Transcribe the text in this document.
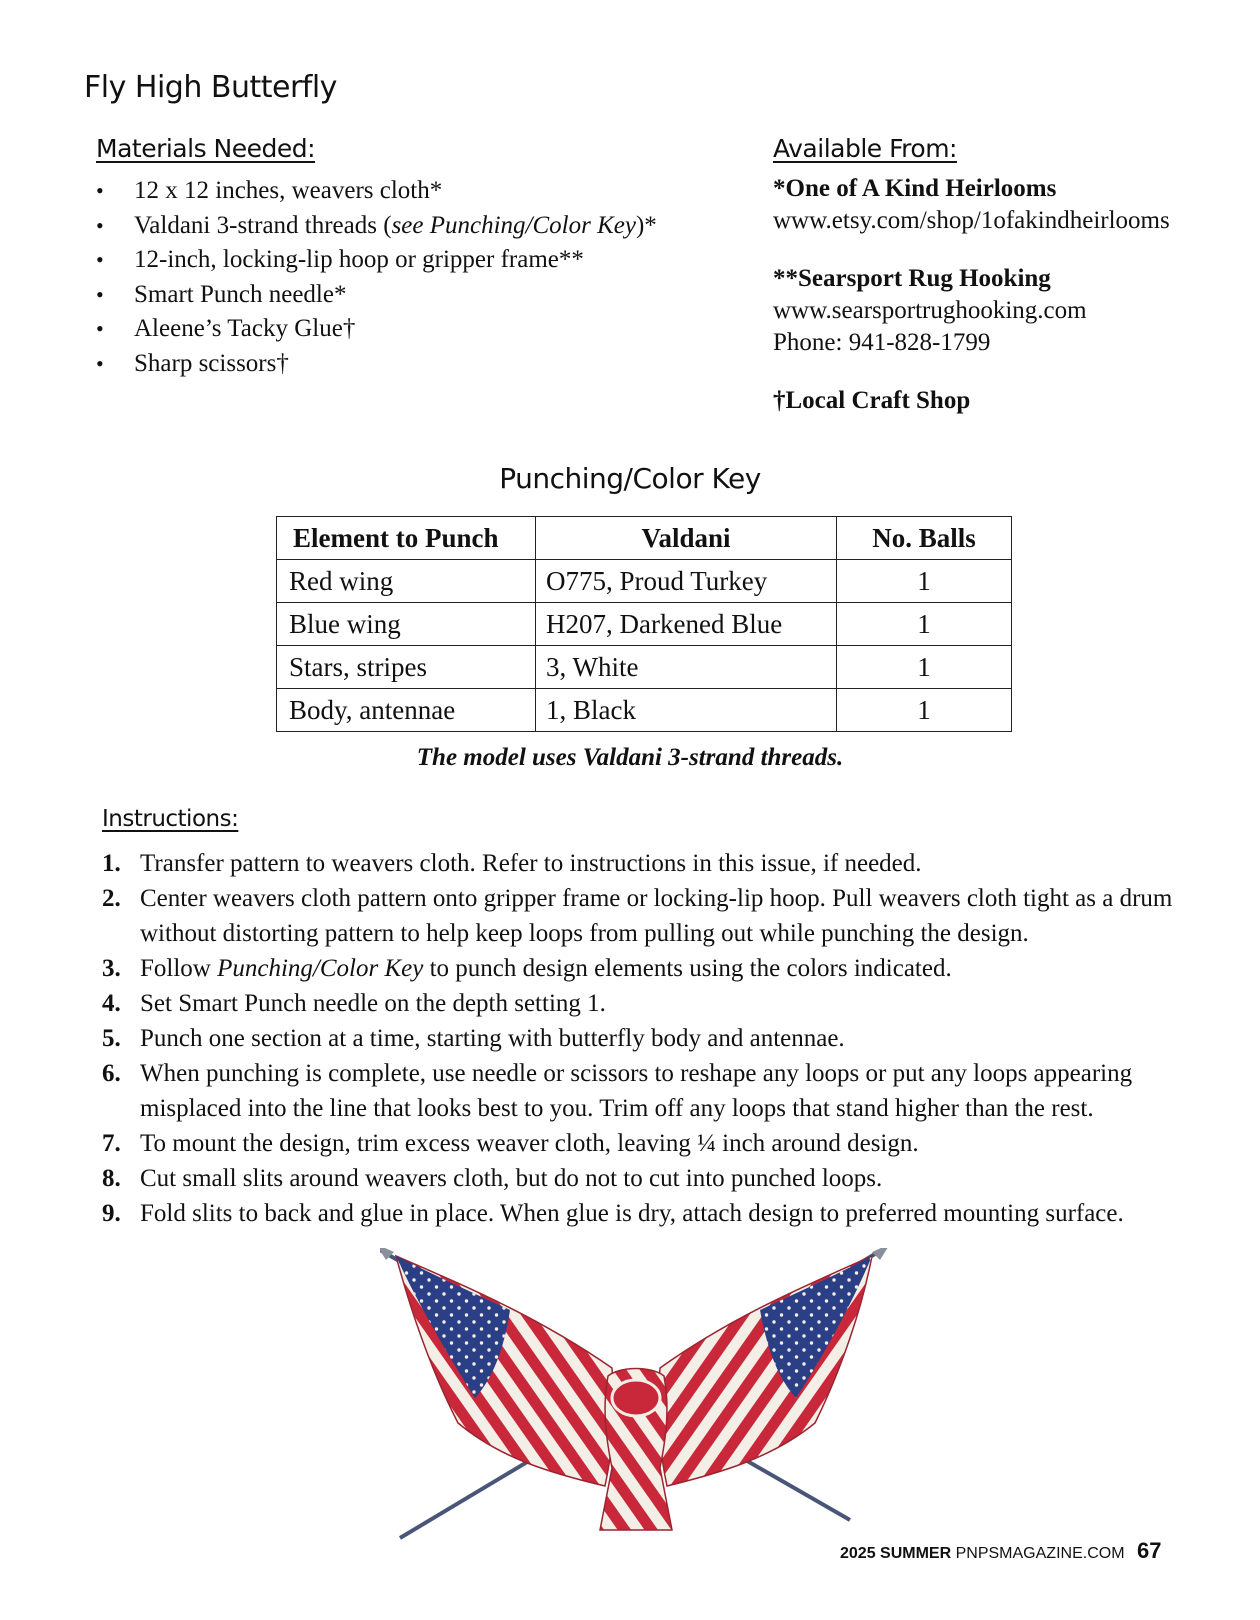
Fly High Butterfly
Materials Needed:
• 12 x 12 inches, weavers cloth*
• Valdani 3-strand threads (see Punching/Color Key)*
• 12-inch, locking-lip hoop or gripper frame**
• Smart Punch needle*
• Aleene’s Tacky Glue†
• Sharp scissors†
Available From:
*One of A Kind Heirlooms
www.etsy.com/shop/1ofakindheirlooms
**Searsport Rug Hooking
www.searsportrughooking.com
Phone: 941-828-1799
†Local Craft Shop
Punching/Color Key
Element to Punch	Valdani	No. Balls
Red wing	O775, Proud Turkey	1
Blue wing	H207, Darkened Blue	1
Stars, stripes	3, White	1
Body, antennae	1, Black	1
The model uses Valdani 3-strand threads.
Instructions:
1. Transfer pattern to weavers cloth. Refer to instructions in this issue, if needed.
2. Center weavers cloth pattern onto gripper frame or locking-lip hoop. Pull weavers cloth tight as a drum without distorting pattern to help keep loops from pulling out while punching the design.
3. Follow Punching/Color Key to punch design elements using the colors indicated.
4. Set Smart Punch needle on the depth setting 1.
5. Punch one section at a time, starting with butterfly body and antennae.
6. When punching is complete, use needle or scissors to reshape any loops or put any loops appearing misplaced into the line that looks best to you. Trim off any loops that stand higher than the rest.
7. To mount the design, trim excess weaver cloth, leaving ¼ inch around design.
8. Cut small slits around weavers cloth, but do not to cut into punched loops.
9. Fold slits to back and glue in place. When glue is dry, attach design to preferred mounting surface.
2025 SUMMER PNPSMAGAZINE.COM 67
